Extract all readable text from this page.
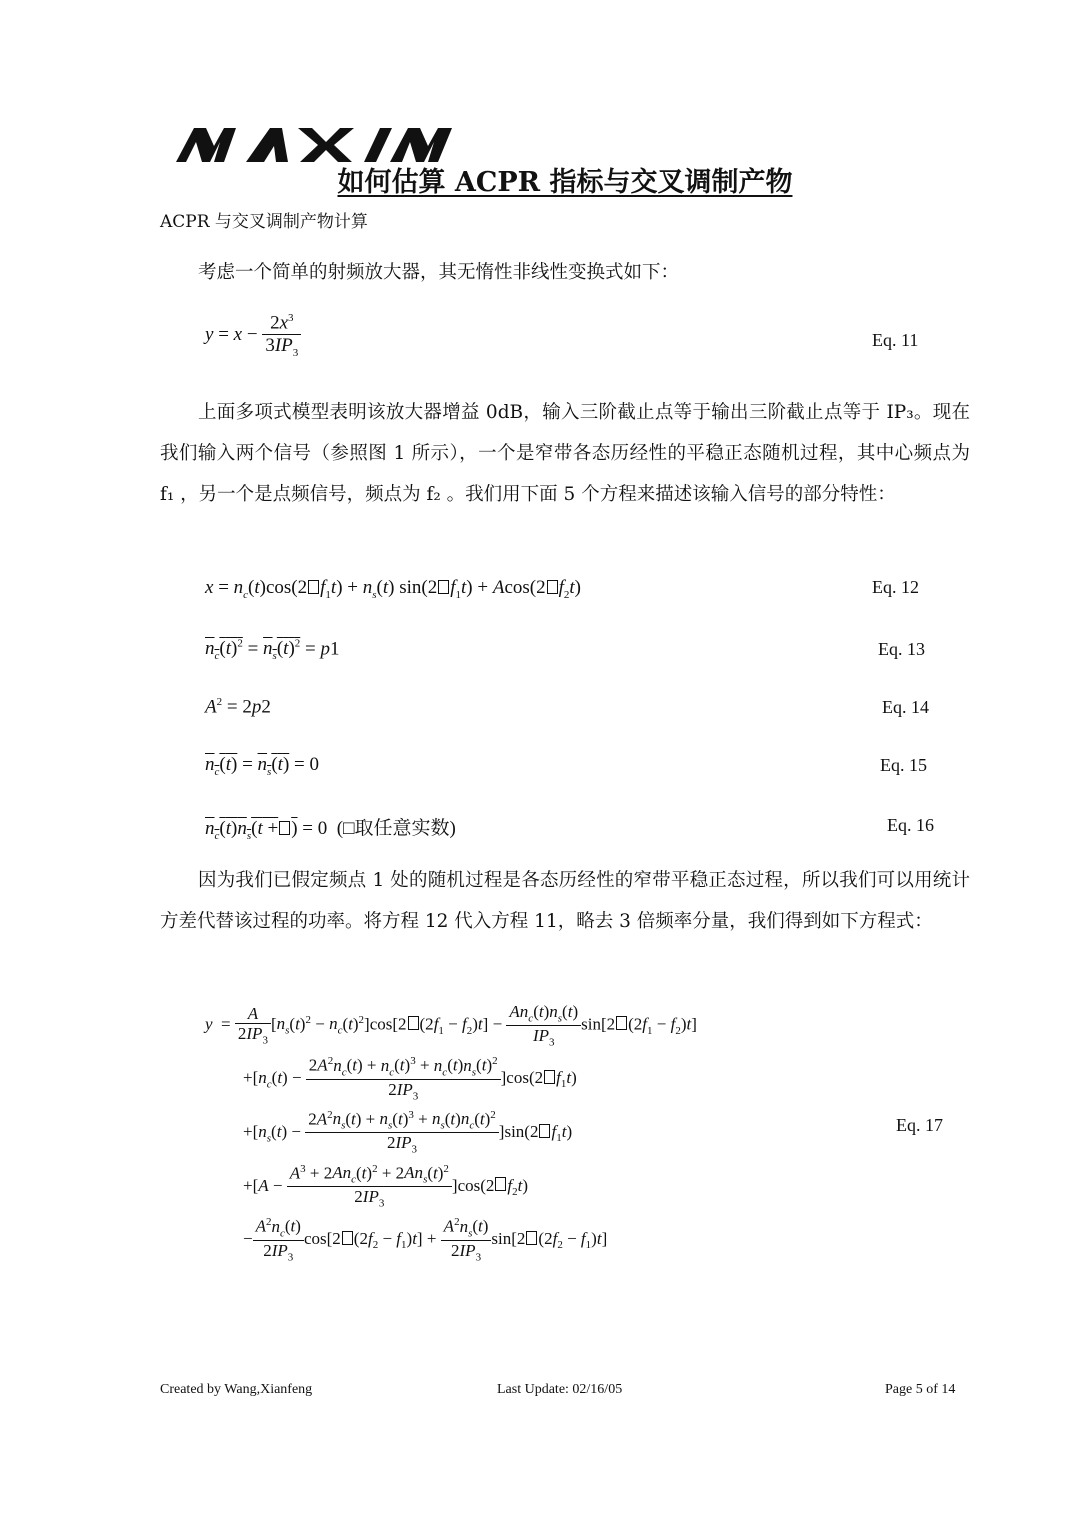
如何估算 ACPR 指标与交叉调制产物
ACPR 与交叉调制产物计算
考虑一个简单的射频放大器，其无惰性非线性变换式如下：
$y = x - \frac{2x^3}{3IP_3}$	Eq. 11
上面多项式模型表明该放大器增益 0dB，输入三阶截止点等于输出三阶截止点等于 IP₃。现在我们输入两个信号（参照图 1 所示），一个是窄带各态历经性的平稳正态随机过程，其中心频点为 f₁ ，另一个是点频信号，频点为 f₂ 。我们用下面 5 个方程来描述该输入信号的部分特性：
$x = n_c(t)\cos(2$ $f_1t) + n_s(t)$ sin(2 $f_1t) + Acos(2$ $f_2t$)	Eq. 12
$n_c(t)^2 = n_s(t)^2 = p1$	Eq. 13
$A^2 = 2p2$	Eq. 14
$n_c(t) = n_s(t) = 0$	Eq. 15
$n_c(t)n_s(t$ + ) = 0  (□取任意实数)	Eq. 16
因为我们已假定频点 1 处的随机过程是各态历经性的窄带平稳正态过程，所以我们可以用统计方差代替该过程的功率。将方程 12 代入方程 11，略去 3 倍频率分量，我们得到如下方程式：
$y = \frac{A}{2IP_3} [n_s(t)^2 - n_c(t)^2]\cos[2$ $(2f_1 - f_2)t] - \frac{An_c(t)n_s(t)}{IP_3} \sin[2$ $(2f_1 - f_2)t$]
$+[n_c(t) - \frac{2A^2n_c(t) + n_c(t)^3 + n_c(t)n_s(t)^2}{2IP_3} ]\cos(2$ $f_1t$)
$+[n_s(t) - \frac{2A^2n_s(t) + n_s(t)^3 + n_s(t)n_c(t)^2}{2IP_3} ]\sin(2$ $f_1t$)
$+[A - \frac{A^3 + 2An_c(t)^2 + 2An_s(t)^2}{2IP_3} ]\cos(2$ $f_2t$)
− $\frac{A^2n_c(t)}{2IP_3} \cos[2$ $(2f_2 - f_1)t] + \frac{A^2n_s(t)}{2IP_3} \sin[2$ $(2f_2 - f_1)t$]
Eq. 17
Created by Wang,Xianfeng	Last Update: 02/16/05	Page 5 of 14
